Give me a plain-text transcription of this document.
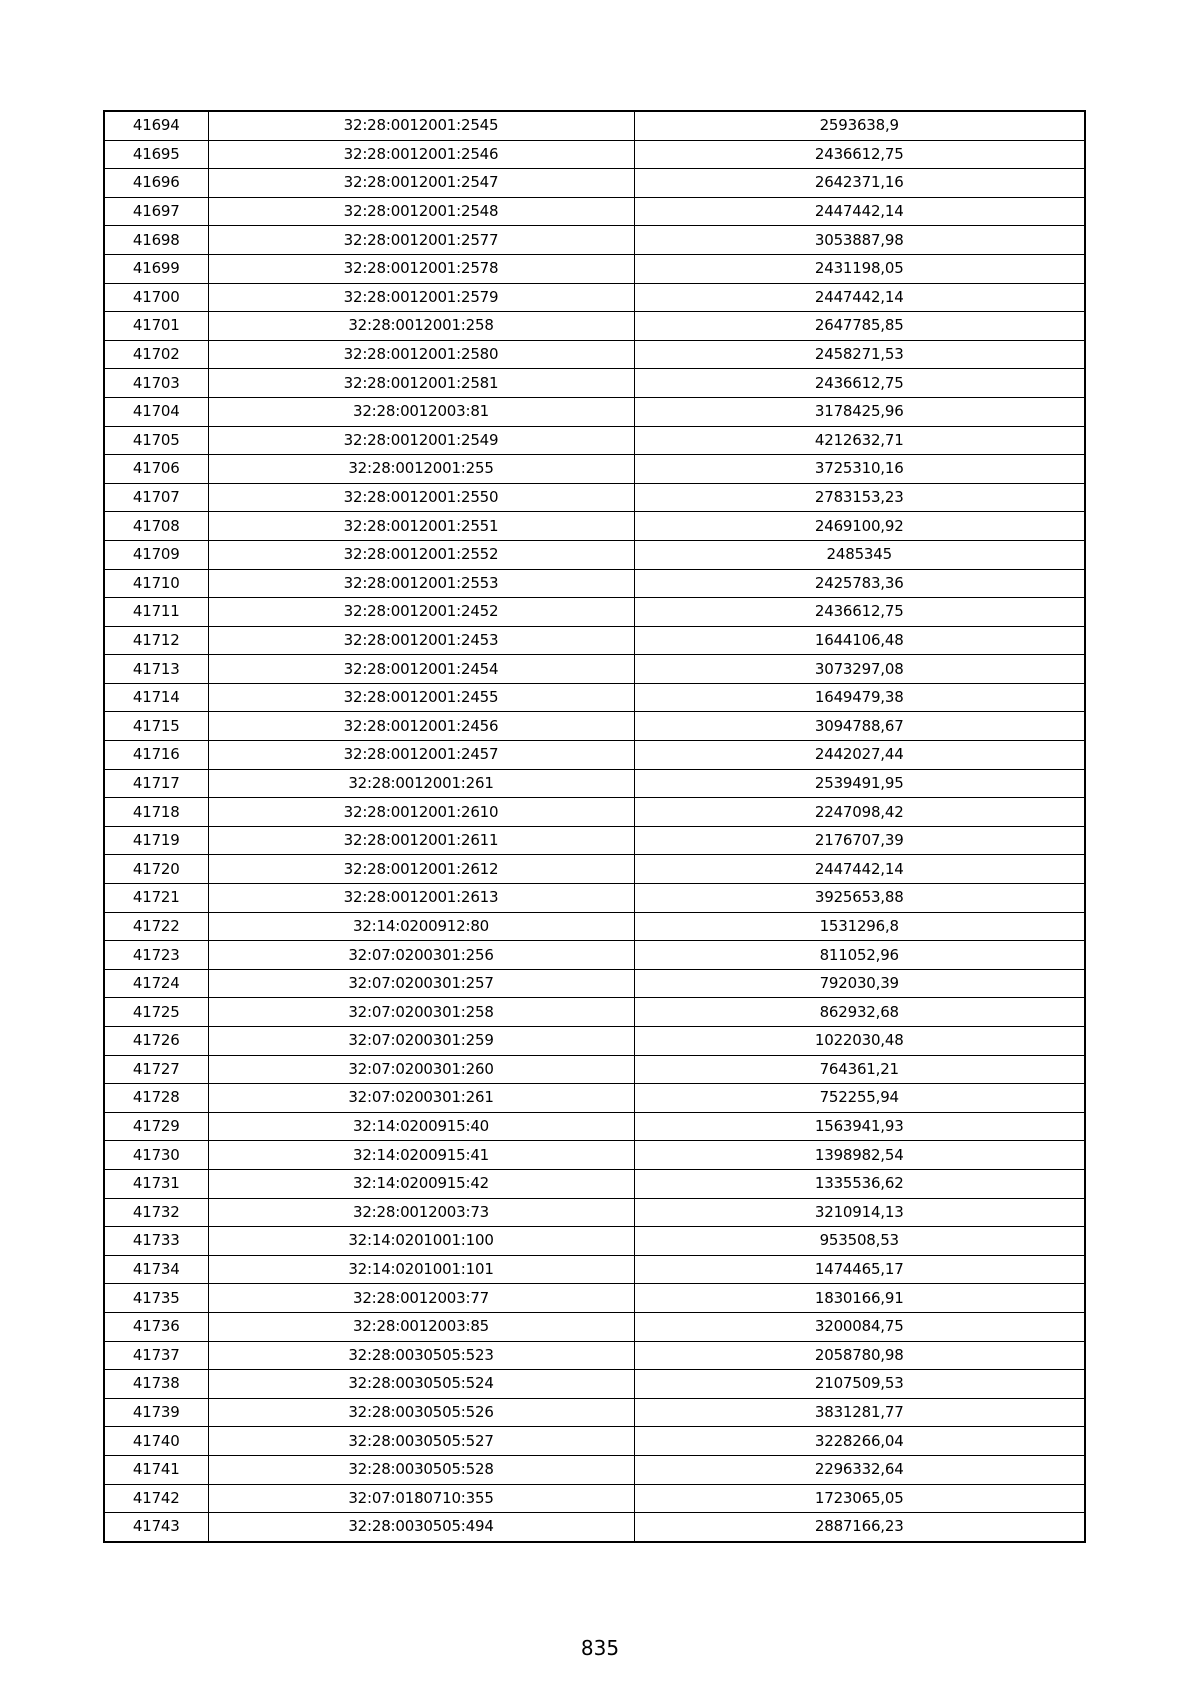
41694	32:28:0012001:2545	2593638,9
41695	32:28:0012001:2546	2436612,75
41696	32:28:0012001:2547	2642371,16
41697	32:28:0012001:2548	2447442,14
41698	32:28:0012001:2577	3053887,98
41699	32:28:0012001:2578	2431198,05
41700	32:28:0012001:2579	2447442,14
41701	32:28:0012001:258	2647785,85
41702	32:28:0012001:2580	2458271,53
41703	32:28:0012001:2581	2436612,75
41704	32:28:0012003:81	3178425,96
41705	32:28:0012001:2549	4212632,71
41706	32:28:0012001:255	3725310,16
41707	32:28:0012001:2550	2783153,23
41708	32:28:0012001:2551	2469100,92
41709	32:28:0012001:2552	2485345
41710	32:28:0012001:2553	2425783,36
41711	32:28:0012001:2452	2436612,75
41712	32:28:0012001:2453	1644106,48
41713	32:28:0012001:2454	3073297,08
41714	32:28:0012001:2455	1649479,38
41715	32:28:0012001:2456	3094788,67
41716	32:28:0012001:2457	2442027,44
41717	32:28:0012001:261	2539491,95
41718	32:28:0012001:2610	2247098,42
41719	32:28:0012001:2611	2176707,39
41720	32:28:0012001:2612	2447442,14
41721	32:28:0012001:2613	3925653,88
41722	32:14:0200912:80	1531296,8
41723	32:07:0200301:256	811052,96
41724	32:07:0200301:257	792030,39
41725	32:07:0200301:258	862932,68
41726	32:07:0200301:259	1022030,48
41727	32:07:0200301:260	764361,21
41728	32:07:0200301:261	752255,94
41729	32:14:0200915:40	1563941,93
41730	32:14:0200915:41	1398982,54
41731	32:14:0200915:42	1335536,62
41732	32:28:0012003:73	3210914,13
41733	32:14:0201001:100	953508,53
41734	32:14:0201001:101	1474465,17
41735	32:28:0012003:77	1830166,91
41736	32:28:0012003:85	3200084,75
41737	32:28:0030505:523	2058780,98
41738	32:28:0030505:524	2107509,53
41739	32:28:0030505:526	3831281,77
41740	32:28:0030505:527	3228266,04
41741	32:28:0030505:528	2296332,64
41742	32:07:0180710:355	1723065,05
41743	32:28:0030505:494	2887166,23
835
